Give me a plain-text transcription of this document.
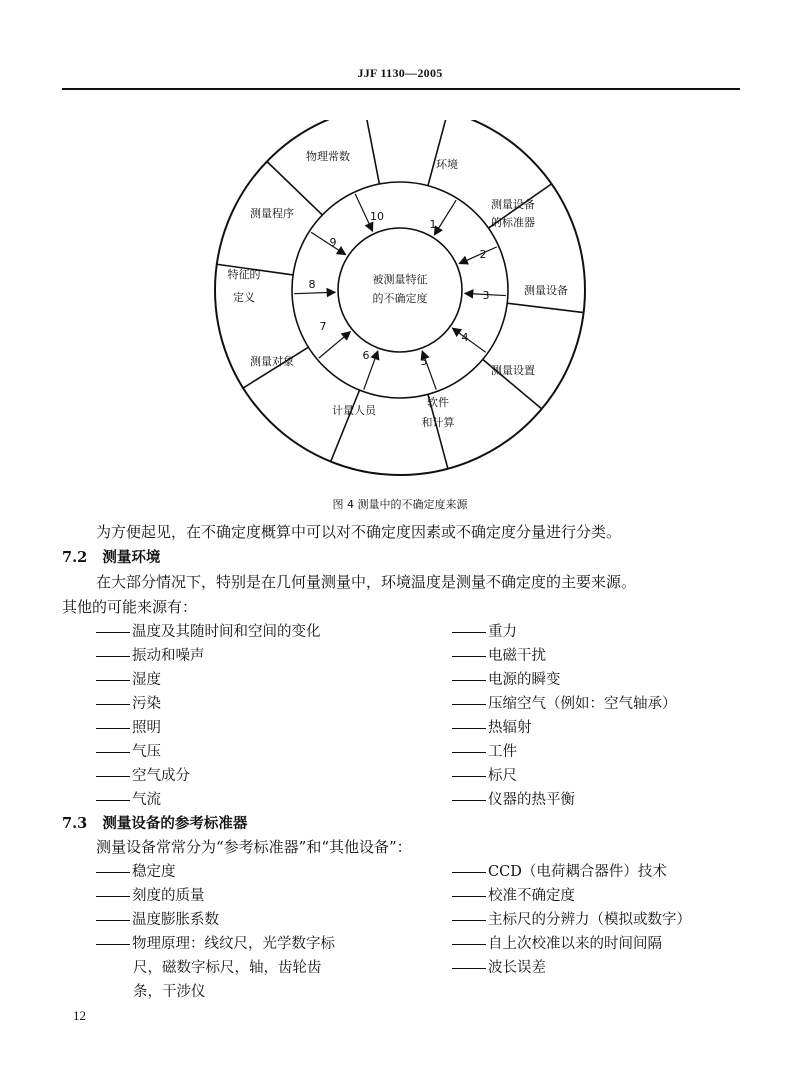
JJF 1130—2005
被测量特征
的不确定度
物理常数
环境
测量设备
的标准器
测量设备
测量设置
软件
和计算
计量人员
测量对象
特征的
定义
测量程序
1
2
3
4
5
6
7
8
9
10
图 4 测量中的不确定度来源
为方便起见，在不确定度概算中可以对不确定度因素或不确定度分量进行分类。
7.2 测量环境
在大部分情况下，特别是在几何量测量中，环境温度是测量不确定度的主要来源。
其他的可能来源有：
温度及其随时间和空间的变化
振动和噪声
湿度
污染
照明
气压
空气成分
气流
重力
电磁干扰
电源的瞬变
压缩空气（例如：空气轴承）
热辐射
工件
标尺
仪器的热平衡
7.3 测量设备的参考标准器
测量设备常常分为“参考标准器”和“其他设备”：
稳定度
刻度的质量
温度膨胀系数
物理原理：线纹尺，光学数字标
尺，磁数字标尺，轴，齿轮齿
条，干涉仪
CCD（电荷耦合器件）技术
校准不确定度
主标尺的分辨力（模拟或数字）
自上次校准以来的时间间隔
波长误差
12
